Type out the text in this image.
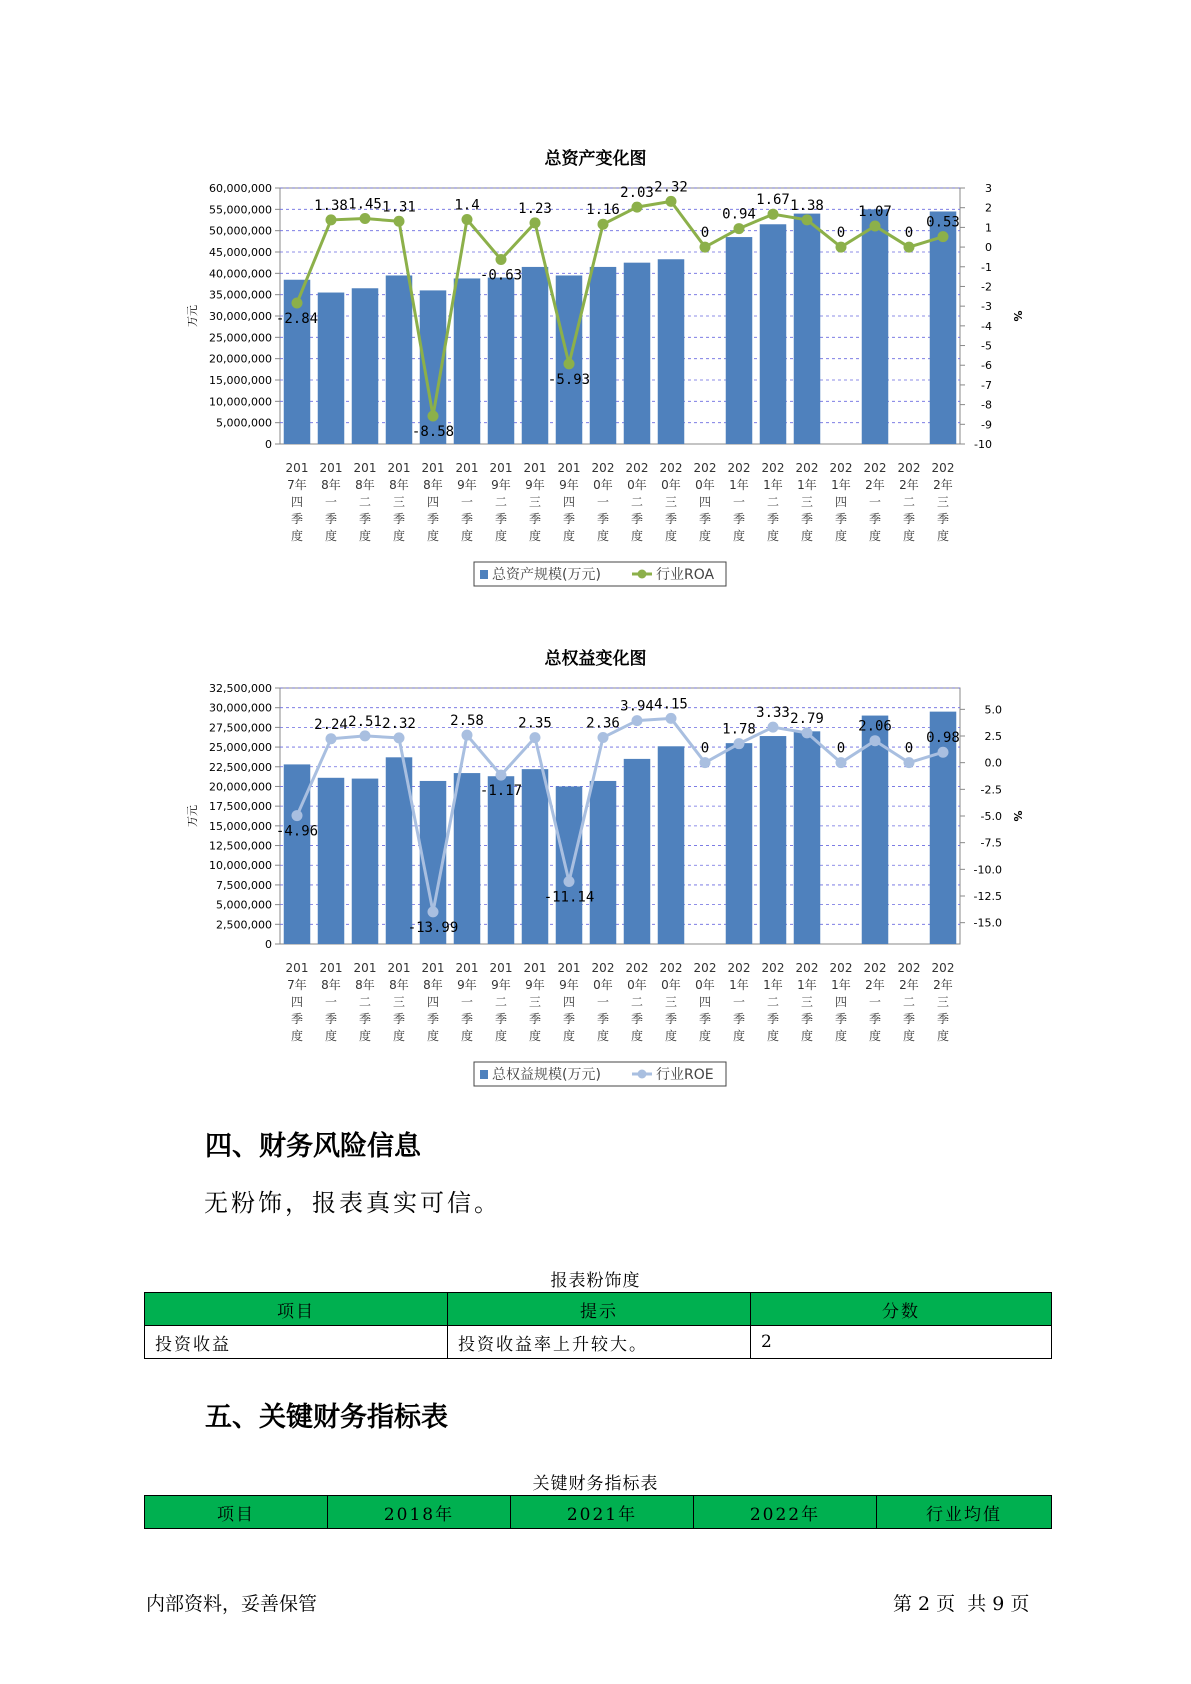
总资产变化图
0
5,000,000
10,000,000
15,000,000
20,000,000
25,000,000
30,000,000
35,000,000
40,000,000
45,000,000
50,000,000
55,000,000
60,000,000	3
2
1
0
-1
-2
-3
-4
-5
-6
-7
-8
-9
-10
万元	%
-2.84
1.38 1.45 1.31
-8.58
1.4
-0.63
1.23
-5.93
1.16
2.03 2.32
0
0.94
1.67 1.38
0
1.07
0
0.53
201
7年
四
季
度
201
8年
一
季
度
201
8年
二
季
度
201
8年
三
季
度
201
8年
四
季
度
201
9年
一
季
度
201
9年
二
季
度
201
9年
三
季
度
201
9年
四
季
度
202
0年
一
季
度
202
0年
二
季
度
202
0年
三
季
度
202
0年
四
季
度
202
1年
一
季
度
202
1年
二
季
度
202
1年
三
季
度
202
1年
四
季
度
202
2年
一
季
度
202
2年
二
季
度
202
2年
三
季
度
总资产规模(万元)	行业ROA
总权益变化图
0
2,500,000
5,000,000
7,500,000
10,000,000
12,500,000
15,000,000
17,500,000
20,000,000
22,500,000
25,000,000
27,500,000
30,000,000
32,500,000
5.0
2.5
0.0
-2.5
-5.0
-7.5
-10.0
-12.5
-15.0
万元	%
-4.96
2.24 2.51 2.32
-13.99
2.58
-1.17
2.35
-11.14
2.36
3.94 4.15
0
1.78
3.33 2.79
0
2.06
0
0.98
201
7年
四
季
度
201
8年
一
季
度
201
8年
二
季
度
201
8年
三
季
度
201
8年
四
季
度
201
9年
一
季
度
201
9年
二
季
度
201
9年
三
季
度
201
9年
四
季
度
202
0年
一
季
度
202
0年
二
季
度
202
0年
三
季
度
202
0年
四
季
度
202
1年
一
季
度
202
1年
二
季
度
202
1年
三
季
度
202
1年
四
季
度
202
2年
一
季
度
202
2年
二
季
度
202
2年
三
季
度
总权益规模(万元)	行业ROE
四、财务风险信息
无粉饰，报表真实可信。
报表粉饰度
项目	提示	分数
投资收益	投资收益率上升较大。	2
五、关键财务指标表
关键财务指标表
项目	2018年	2021年	2022年	行业均值
内部资料，妥善保管	第 2 页  共 9 页
